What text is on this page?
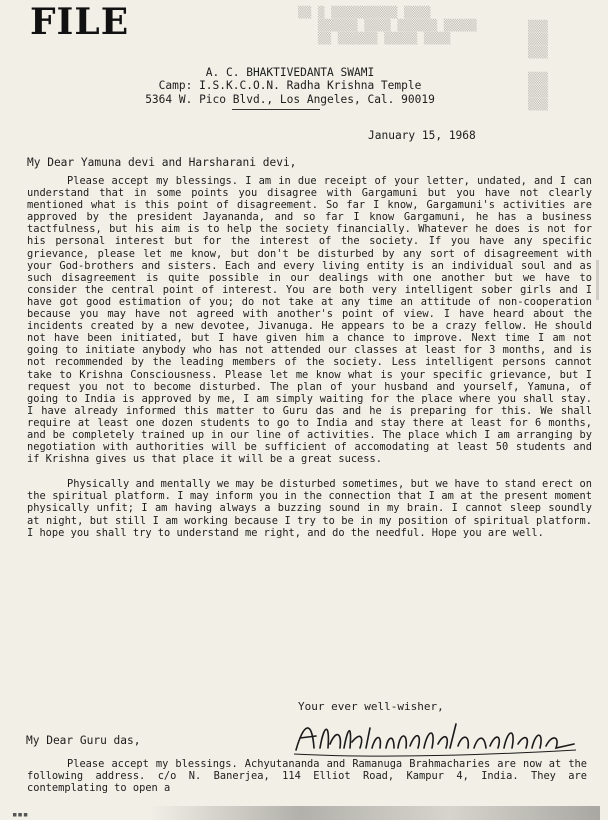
FILE	▒▒ ▒ ▒▒▒▒▒▒▒▒▒▒ ▒▒▒▒
▒▒▒▒▒▒ ▒▒▒▒ ▒▒▒▒▒▒ ▒▒▒▒▒
▒▒ ▒▒▒▒▒▒ ▒▒▒▒▒ ▒▒▒▒
▒▒▒
▒▒▒
▒▒▒

▒▒▒
▒▒▒
▒▒▒
A. C. BHAKTIVEDANTA SWAMI
Camp: I.S.K.C.O.N. Radha Krishna Temple
5364 W. Pico Blvd., Los Angeles, Cal. 90019
January 15, 1968
My Dear Yamuna devi and Harsharani devi,

Please accept my blessings. I am in due receipt of your letter, undated, and I can understand that in some points you disagree with Gargamuni but you have not clearly mentioned what is this point of disagreement. So far I know, Gargamuni's activities are approved by the president Jayananda, and so far I know Gargamuni, he has a business tactfulness, but his aim is to help the society financially. Whatever he does is not for his personal interest but for the interest of the society. If you have any specific grievance, please let me know, but don't be disturbed by any sort of disagreement with your God-brothers and sisters. Each and every living entity is an individual soul and as such disagreement is quite possible in our dealings with one another but we have to consider the central point of interest. You are both very intelligent sober girls and I have got good estimation of you; do not take at any time an attitude of non-cooperation because you may have not agreed with another's point of view. I have heard about the incidents created by a new devotee, Jivanuga. He appears to be a crazy fellow. He should not have been initiated, but I have given him a chance to improve. Next time I am not going to initiate anybody who has not attended our classes at least for 3 months, and is not recommended by the leading members of the society. Less intelligent persons cannot take to Krishna Consciousness. Please let me know what is your specific grievance, but I request you not to become disturbed. The plan of your husband and yourself, Yamuna, of going to India is approved by me, I am simply waiting for the place where you shall stay. I have already informed this matter to Guru das and he is preparing for this. We shall require at least one dozen students to go to India and stay there at least for 6 months, and be completely trained up in our line of activities. The place which I am arranging by negotiation with authorities will be sufficient of accomodating at least 50 students and if Krishna gives us that place it will be a great sucess.

Physically and mentally we may be disturbed sometimes, but we have to stand erect on the spiritual platform. I may inform you in the connection that I am at the present moment physically unfit; I am having always a buzzing sound in my brain. I cannot sleep soundly at night, but still I am working because I try to be in my position of spiritual platform. I hope you shall try to understand me right, and do the needful. Hope you are well.

Your ever well-wisher,
My Dear Guru das,
Please accept my blessings. Achyutananda and Ramanuga Brahmacharies are now at the following address. c/o N. Banerjea, 114 Elliot Road, Kampur 4, India. They are contemplating to open a
▪▪▪
